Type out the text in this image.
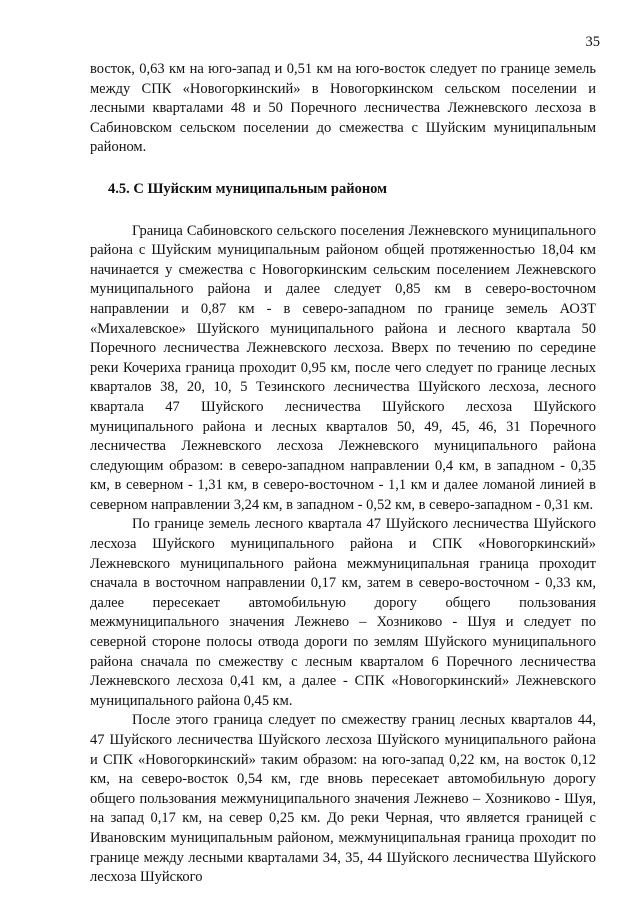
35

восток, 0,63 км на юго-запад и 0,51 км на юго-восток следует по границе земель между СПК «Новогоркинский» в Новогоркинском сельском поселении и лесными кварталами 48 и 50 Поречного лесничества Лежневского лесхоза в Сабиновском сельском поселении до смежества с Шуйским муниципальным районом.

4.5. С Шуйским муниципальным районом

Граница Сабиновского сельского поселения Лежневского муниципального района с Шуйским муниципальным районом общей протяженностью 18,04 км начинается у смежества с Новогоркинским сельским поселением Лежневского муниципального района и далее следует 0,85 км в северо-восточном направлении и 0,87 км - в северо-западном по границе земель АОЗТ «Михалевское» Шуйского муниципального района и лесного квартала 50 Поречного лесничества Лежневского лесхоза. Вверх по течению по середине реки Кочериха граница проходит 0,95 км, после чего следует по границе лесных кварталов 38, 20, 10, 5 Тезинского лесничества Шуйского лесхоза, лесного квартала 47 Шуйского лесничества Шуйского лесхоза Шуйского муниципального района и лесных кварталов 50, 49, 45, 46, 31 Поречного лесничества Лежневского лесхоза Лежневского муниципального района следующим образом: в северо-западном направлении 0,4 км, в западном - 0,35 км, в северном - 1,31 км, в северо-восточном - 1,1 км и далее ломаной линией в северном направлении 3,24 км, в западном - 0,52 км, в северо-западном - 0,31 км.

По границе земель лесного квартала 47 Шуйского лесничества Шуйского лесхоза Шуйского муниципального района и СПК «Новогоркинский» Лежневского муниципального района межмуниципальная граница проходит сначала в восточном направлении 0,17 км, затем в северо-восточном - 0,33 км, далее пересекает автомобильную дорогу общего пользования межмуниципального значения Лежнево – Хозниково - Шуя и следует по северной стороне полосы отвода дороги по землям Шуйского муниципального района сначала по смежеству с лесным кварталом 6 Поречного лесничества Лежневского лесхоза 0,41 км, а далее - СПК «Новогоркинский» Лежневского муниципального района 0,45 км.

После этого граница следует по смежеству границ лесных кварталов 44, 47 Шуйского лесничества Шуйского лесхоза Шуйского муниципального района и СПК «Новогоркинский» таким образом: на юго-запад 0,22 км, на восток 0,12 км, на северо-восток 0,54 км, где вновь пересекает автомобильную дорогу общего пользования межмуниципального значения Лежнево – Хозниково - Шуя, на запад 0,17 км, на север 0,25 км. До реки Черная, что является границей с Ивановским муниципальным районом, межмуниципальная граница проходит по границе между лесными кварталами 34, 35, 44 Шуйского лесничества Шуйского лесхоза Шуйского
